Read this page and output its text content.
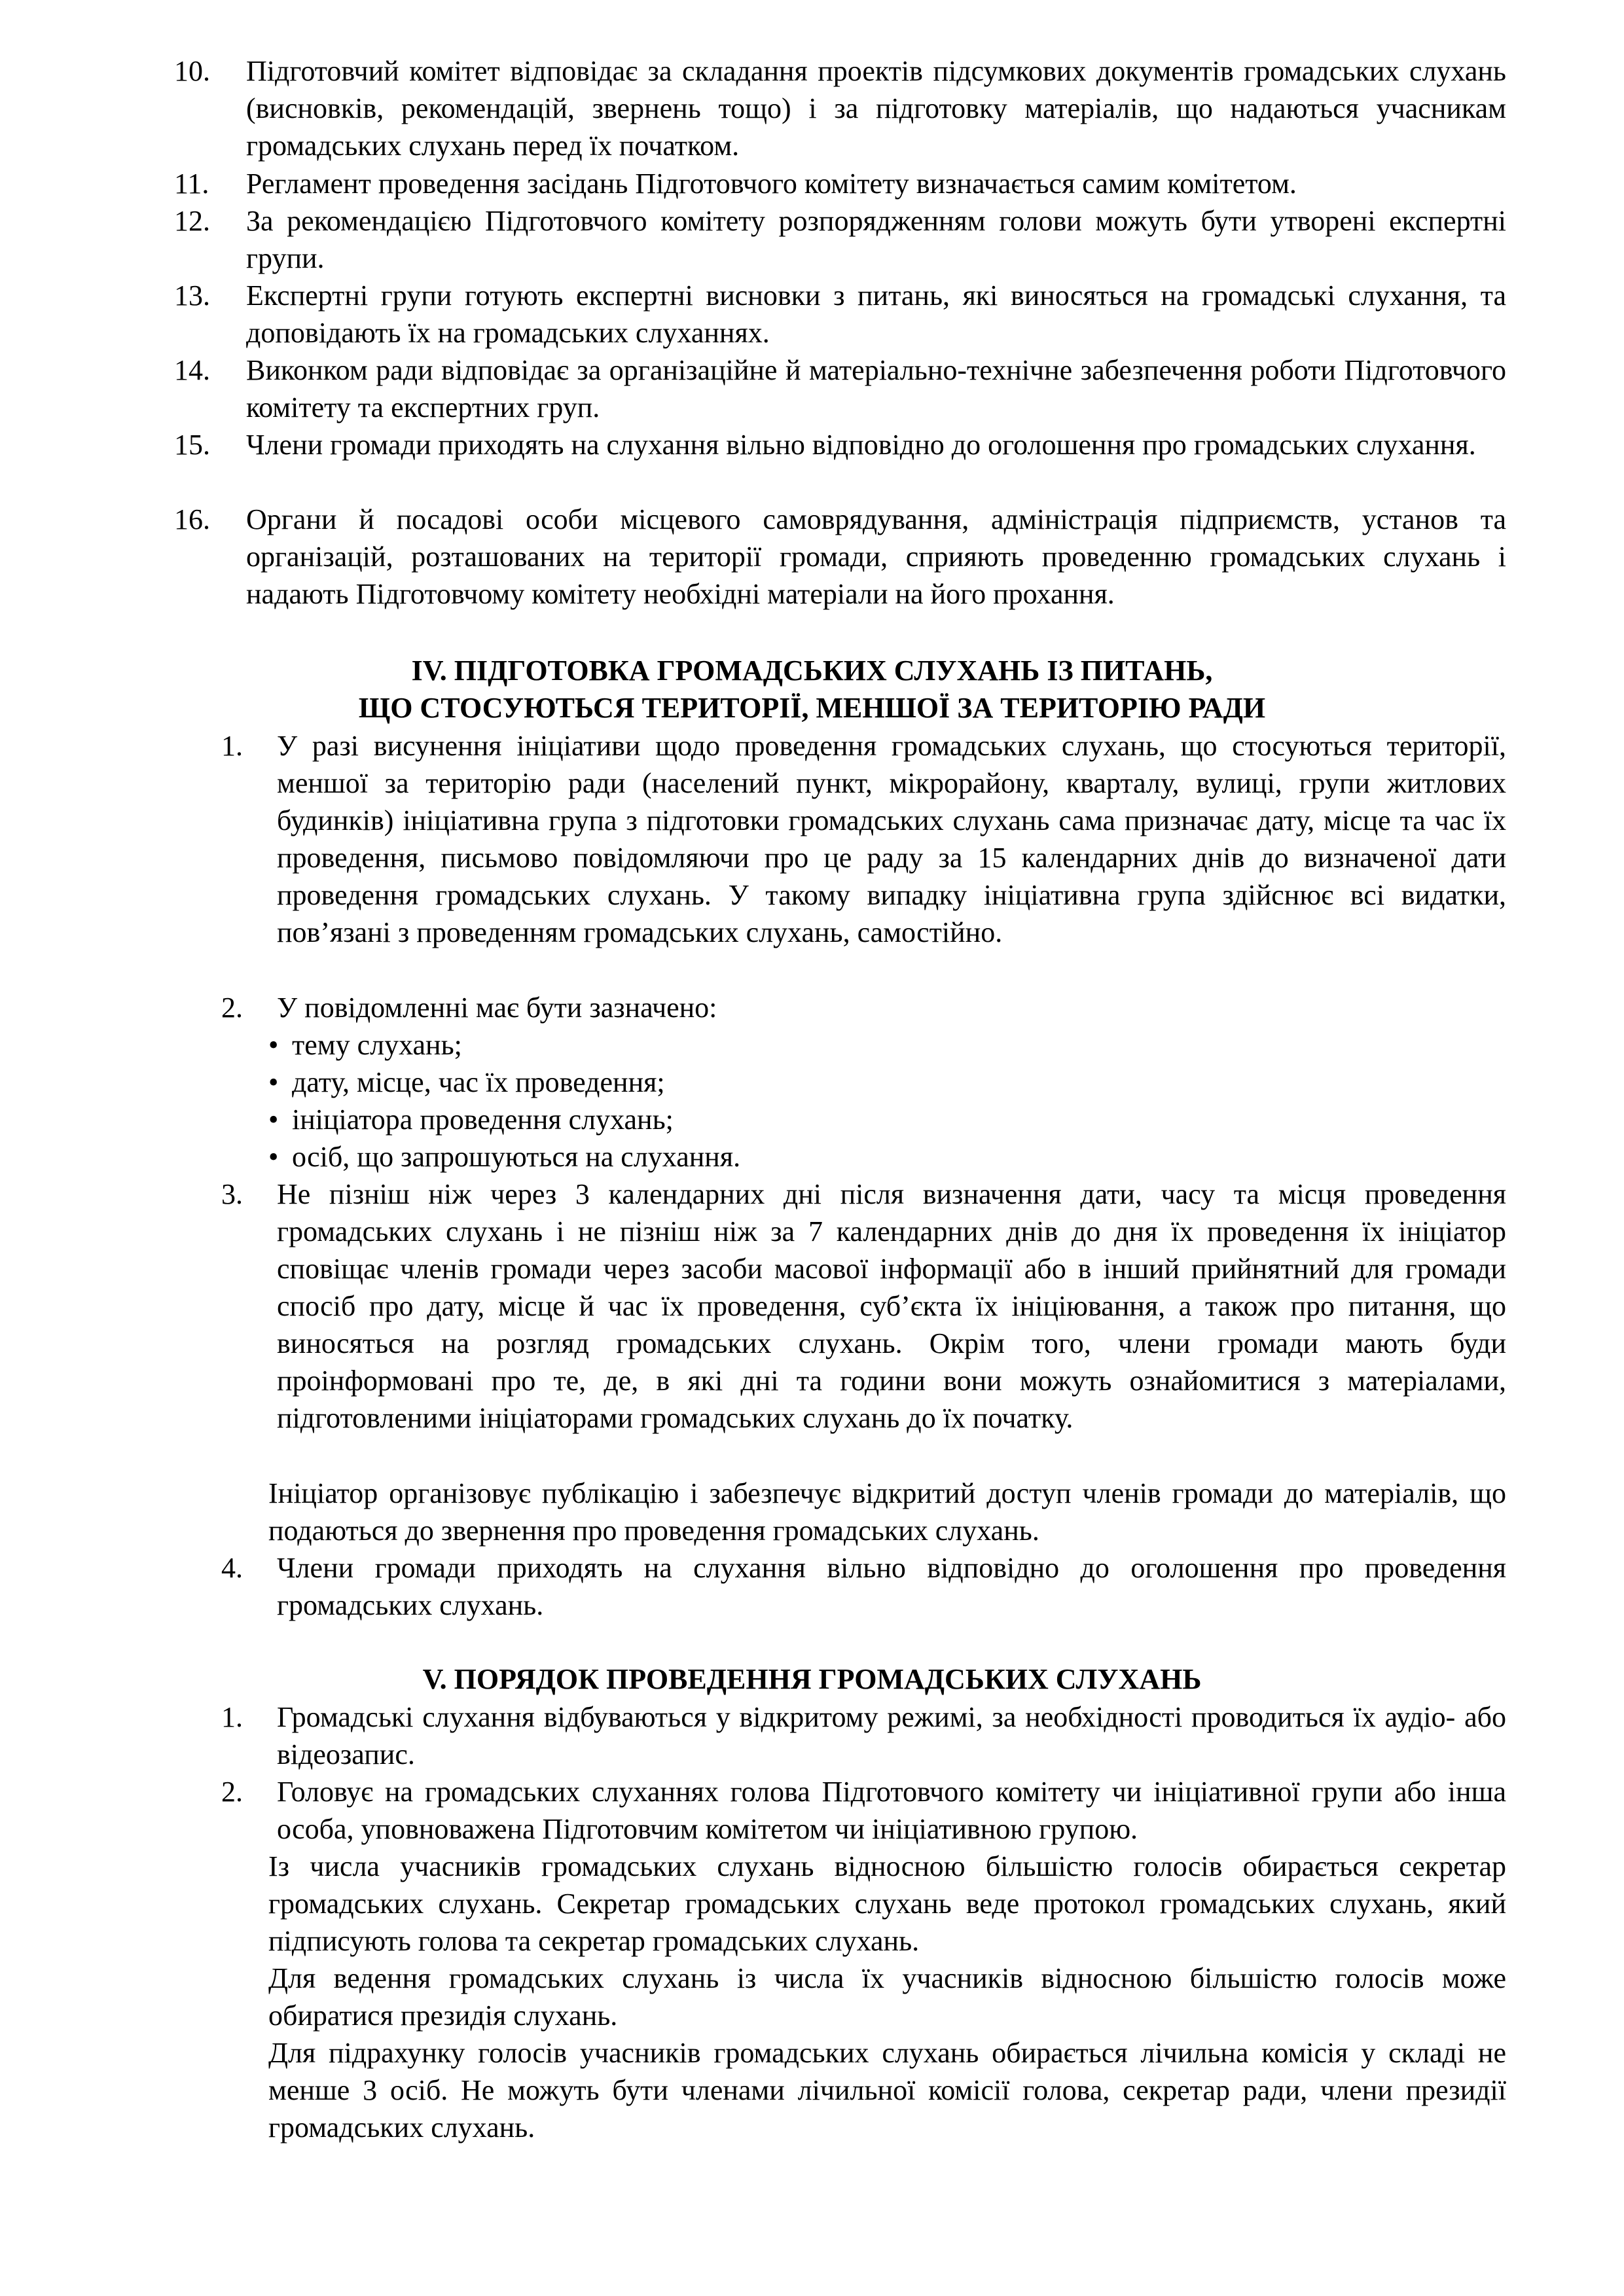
10. Підготовчий комітет відповідає за складання проектів підсумкових документів громадських слухань (висновків, рекомендацій, звернень тощо) і за підготовку матеріалів, що надаються учасникам громадських слухань перед їх початком.
11. Регламент проведення засідань Підготовчого комітету визначається самим комітетом.
12. За рекомендацією Підготовчого комітету розпорядженням голови можуть бути утворені експертні групи.
13. Експертні групи готують експертні висновки з питань, які виносяться на громадські слухання, та доповідають їх на громадських слуханнях.
14. Виконком ради відповідає за організаційне й матеріально-технічне забезпечення роботи Підготовчого комітету та експертних груп.
15. Члени громади приходять на слухання вільно відповідно до оголошення про громадських слухання.
16. Органи й посадові особи місцевого самоврядування, адміністрація підприємств, установ та організацій, розташованих на території громади, сприяють проведенню громадських слухань і надають Підготовчому комітету необхідні матеріали на його прохання.
IV. ПІДГОТОВКА ГРОМАДСЬКИХ СЛУХАНЬ ІЗ ПИТАНЬ,
ЩО СТОСУЮТЬСЯ ТЕРИТОРІЇ, МЕНШОЇ ЗА ТЕРИТОРІЮ РАДИ
1. У разі висунення ініціативи щодо проведення громадських слухань, що стосуються території, меншої за територію ради (населений пункт, мікрорайону, кварталу, вулиці, групи житлових будинків) ініціативна група з підготовки громадських слухань сама призначає дату, місце та час їх проведення, письмово повідомляючи про це раду за 15 календарних днів до визначеної дати проведення громадських слухань. У такому випадку ініціативна група здійснює всі видатки, пов’язані з проведенням громадських слухань, самостійно.
2. У повідомленні має бути зазначено:
• тему слухань;
• дату, місце, час їх проведення;
• ініціатора проведення слухань;
• осіб, що запрошуються на слухання.
3. Не пізніш ніж через 3 календарних дні після визначення дати, часу та місця проведення громадських слухань і не пізніш ніж за 7 календарних днів до дня їх проведення їх ініціатор сповіщає членів громади через засоби масової інформації або в інший прийнятний для громади спосіб про дату, місце й час їх проведення, суб’єкта їх ініціювання, а також про питання, що виносяться на розгляд громадських слухань. Окрім того, члени громади мають буди проінформовані про те, де, в які дні та години вони можуть ознайомитися з матеріалами, підготовленими ініціаторами громадських слухань до їх початку.
Ініціатор організовує публікацію і забезпечує відкритий доступ членів громади до матеріалів, що подаються до звернення про проведення громадських слухань.
4. Члени громади приходять на слухання вільно відповідно до оголошення про проведення громадських слухань.
V. ПОРЯДОК ПРОВЕДЕННЯ ГРОМАДСЬКИХ СЛУХАНЬ
1. Громадські слухання відбуваються у відкритому режимі, за необхідності проводиться їх аудіо- або відеозапис.
2. Головує на громадських слуханнях голова Підготовчого комітету чи ініціативної групи або інша особа, уповноважена Підготовчим комітетом чи ініціативною групою.
Із числа учасників громадських слухань відносною більшістю голосів обирається секретар громадських слухань. Секретар громадських слухань веде протокол громадських слухань, який підписують голова та секретар громадських слухань.
Для ведення громадських слухань із числа їх учасників відносною більшістю голосів може обиратися президія слухань.
Для підрахунку голосів учасників громадських слухань обирається лічильна комісія у складі не менше 3 осіб. Не можуть бути членами лічильної комісії голова, секретар ради, члени президії громадських слухань.
